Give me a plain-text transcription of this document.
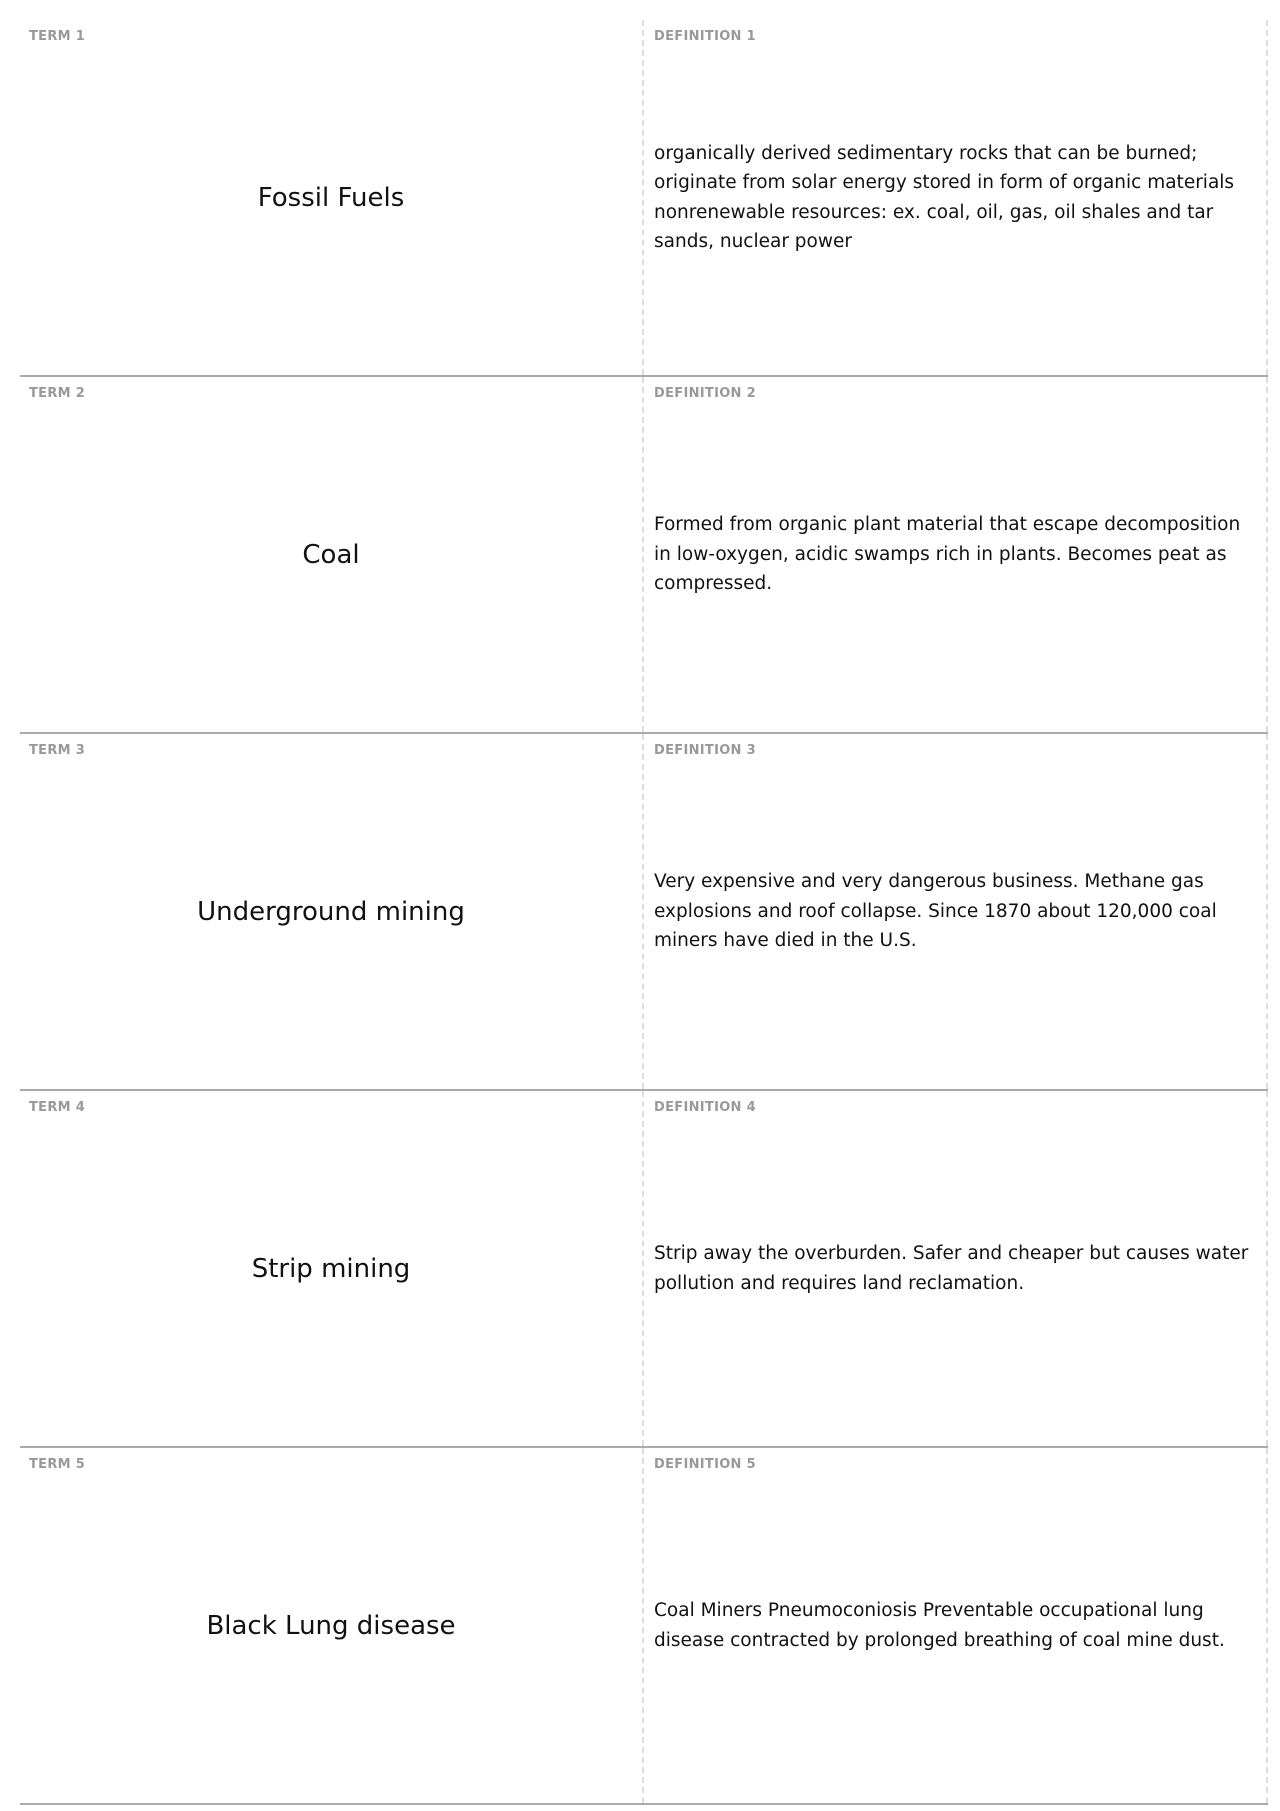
TERM 1
Fossil Fuels
DEFINITION 1
organically derived sedimentary rocks that can be burned; originate from solar energy stored in form of organic materials nonrenewable resources: ex. coal, oil, gas, oil shales and tar sands, nuclear power
TERM 2
Coal
DEFINITION 2
Formed from organic plant material that escape decomposition in low-oxygen, acidic swamps rich in plants. Becomes peat as compressed.
TERM 3
Underground mining
DEFINITION 3
Very expensive and very dangerous business. Methane gas explosions and roof collapse. Since 1870 about 120,000 coal miners have died in the U.S.
TERM 4
Strip mining
DEFINITION 4
Strip away the overburden. Safer and cheaper but causes water pollution and requires land reclamation.
TERM 5
Black Lung disease
DEFINITION 5
Coal Miners Pneumoconiosis Preventable occupational lung disease contracted by prolonged breathing of coal mine dust.
